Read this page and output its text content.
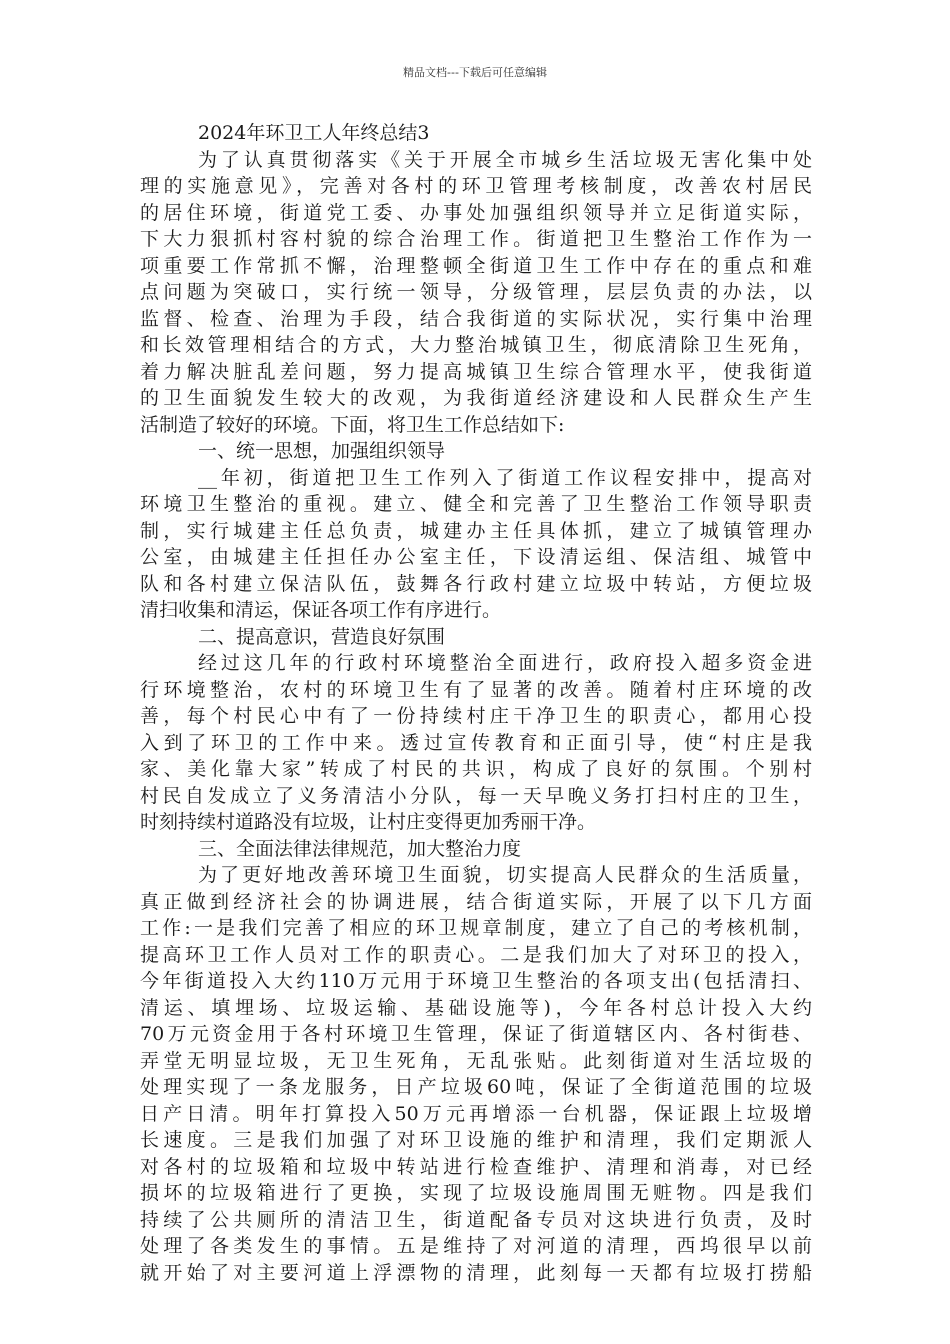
精品文档---下载后可任意编辑
2024年环卫工人年终总结3
为了认真贯彻落实《关于开展全市城乡生活垃圾无害化集中处
理的实施意见》，完善对各村的环卫管理考核制度，改善农村居民
的居住环境，街道党工委、办事处加强组织领导并立足街道实际，
下大力狠抓村容村貌的综合治理工作。街道把卫生整治工作作为一
项重要工作常抓不懈，治理整顿全街道卫生工作中存在的重点和难
点问题为突破口，实行统一领导，分级管理，层层负责的办法，以
监督、检查、治理为手段，结合我街道的实际状况，实行集中治理
和长效管理相结合的方式，大力整治城镇卫生，彻底清除卫生死角，
着力解决脏乱差问题，努力提高城镇卫生综合管理水平，使我街道
的卫生面貌发生较大的改观，为我街道经济建设和人民群众生产生
活制造了较好的环境。下面，将卫生工作总结如下:
一、统一思想，加强组织领导
__年初，街道把卫生工作列入了街道工作议程安排中，提高对
环境卫生整治的重视。建立、健全和完善了卫生整治工作领导职责
制，实行城建主任总负责，城建办主任具体抓，建立了城镇管理办
公室，由城建主任担任办公室主任，下设清运组、保洁组、城管中
队和各村建立保洁队伍，鼓舞各行政村建立垃圾中转站，方便垃圾
清扫收集和清运，保证各项工作有序进行。
二、提高意识，营造良好氛围
经过这几年的行政村环境整治全面进行，政府投入超多资金进
行环境整治，农村的环境卫生有了显著的改善。随着村庄环境的改
善，每个村民心中有了一份持续村庄干净卫生的职责心，都用心投
入到了环卫的工作中来。透过宣传教育和正面引导，使“村庄是我
家、美化靠大家”转成了村民的共识，构成了良好的氛围。个别村
村民自发成立了义务清洁小分队，每一天早晚义务打扫村庄的卫生，
时刻持续村道路没有垃圾，让村庄变得更加秀丽干净。
三、全面法律法律规范，加大整治力度
为了更好地改善环境卫生面貌，切实提高人民群众的生活质量，
真正做到经济社会的协调进展，结合街道实际，开展了以下几方面
工作:一是我们完善了相应的环卫规章制度，建立了自己的考核机制，
提高环卫工作人员对工作的职责心。二是我们加大了对环卫的投入，
今年街道投入大约110万元用于环境卫生整治的各项支出(包括清扫、
清运、填埋场、垃圾运输、基础设施等)，今年各村总计投入大约
70万元资金用于各村环境卫生管理，保证了街道辖区内、各村街巷、
弄堂无明显垃圾，无卫生死角，无乱张贴。此刻街道对生活垃圾的
处理实现了一条龙服务，日产垃圾60吨，保证了全街道范围的垃圾
日产日清。明年打算投入50万元再增添一台机器，保证跟上垃圾增
长速度。三是我们加强了对环卫设施的维护和清理，我们定期派人
对各村的垃圾箱和垃圾中转站进行检查维护、清理和消毒，对已经
损坏的垃圾箱进行了更换，实现了垃圾设施周围无赃物。四是我们
持续了公共厕所的清洁卫生，街道配备专员对这块进行负责，及时
处理了各类发生的事情。五是维持了对河道的清理，西坞很早以前
就开始了对主要河道上浮漂物的清理，此刻每一天都有垃圾打捞船
